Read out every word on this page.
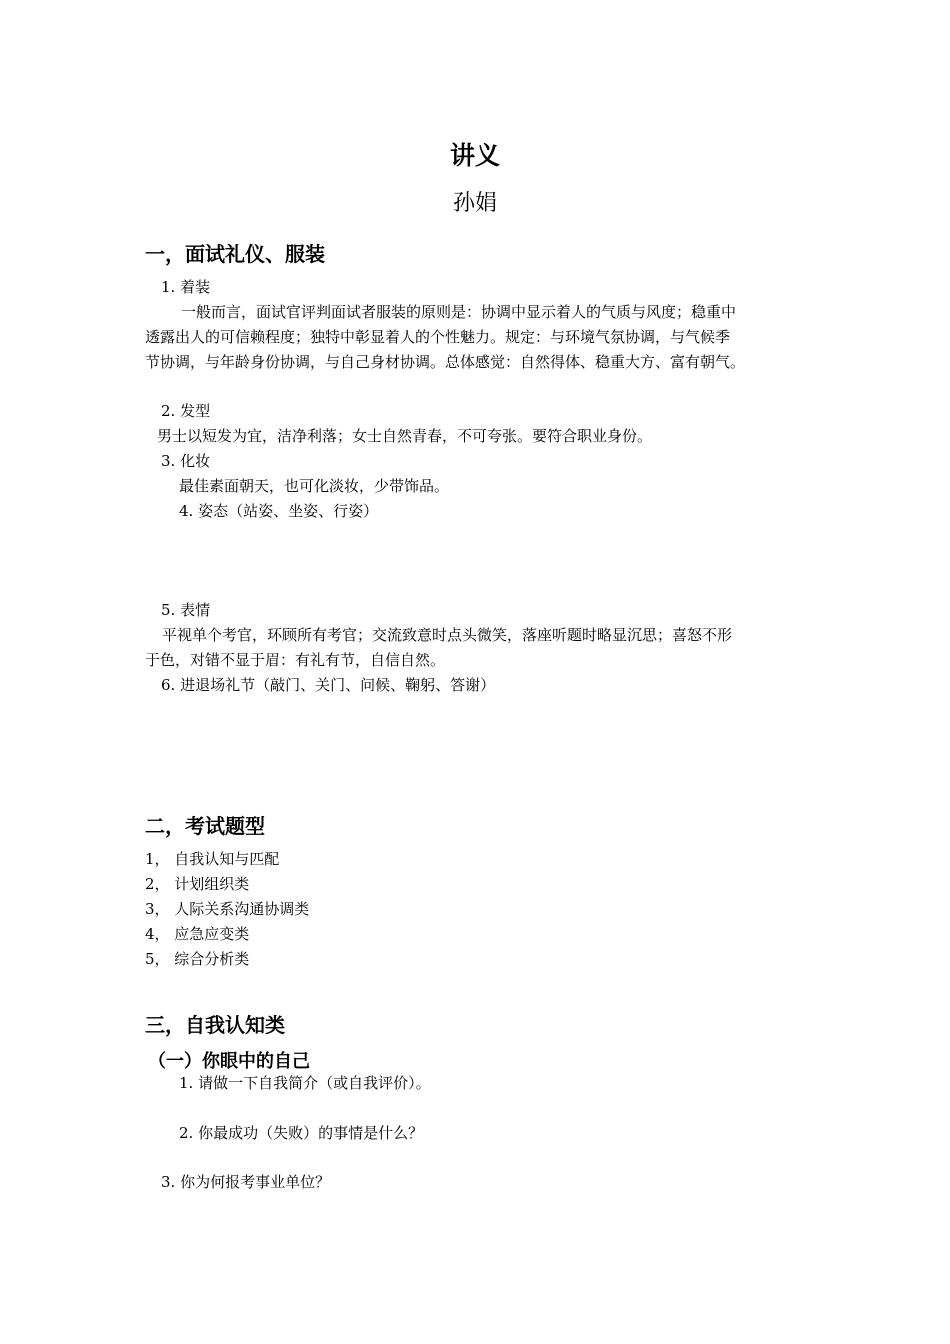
讲义
孙娟
一，面试礼仪、服装
1. 着装
一般而言，面试官评判面试者服装的原则是：协调中显示着人的气质与风度；稳重中
透露出人的可信赖程度；独特中彰显着人的个性魅力。规定：与环境气氛协调，与气候季
节协调，与年龄身份协调，与自己身材协调。总体感觉：自然得体、稳重大方、富有朝气。
2. 发型
男士以短发为宜，洁净利落；女士自然青春，不可夸张。要符合职业身份。
3. 化妆
最佳素面朝天，也可化淡妆，少带饰品。
4. 姿态（站姿、坐姿、行姿）
5. 表情
平视单个考官，环顾所有考官；交流致意时点头微笑，落座听题时略显沉思；喜怒不形
于色，对错不显于眉：有礼有节，自信自然。
6. 进退场礼节（敲门、关门、问候、鞠躬、答谢）
二，考试题型
1， 自我认知与匹配
2， 计划组织类
3， 人际关系沟通协调类
4， 应急应变类
5， 综合分析类
三，自我认知类
（一）你眼中的自己
1. 请做一下自我简介（或自我评价）。
2. 你最成功（失败）的事情是什么？
3. 你为何报考事业单位？
